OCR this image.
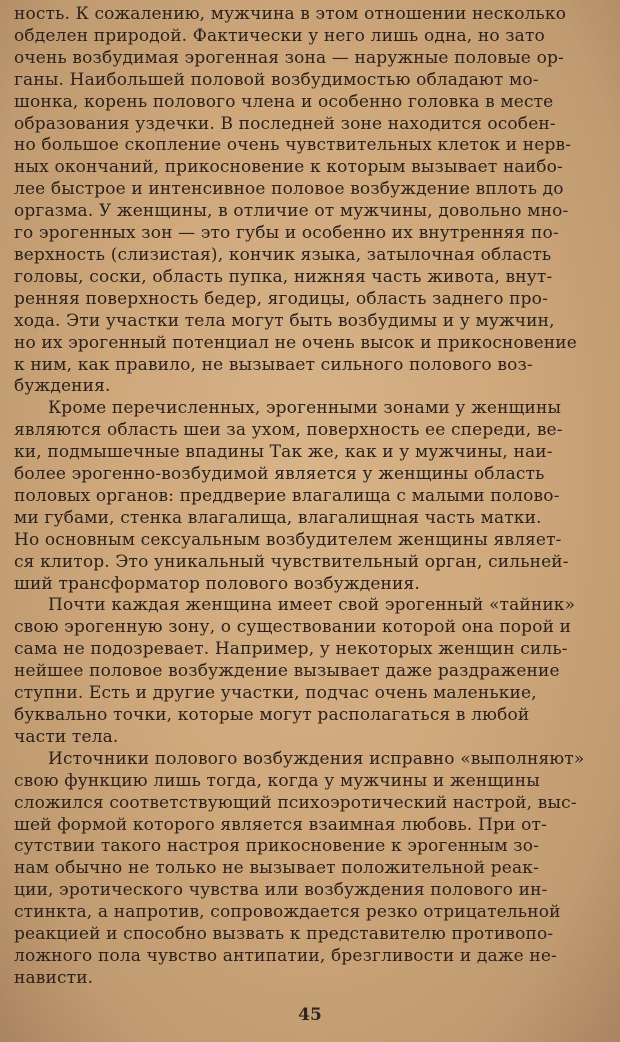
ность. К сожалению, мужчина в этом отношении несколько
обделен природой. Фактически у него лишь одна, но зато
очень возбудимая эрогенная зона — наружные половые ор-
ганы. Наибольшей половой возбудимостью обладают мо-
шонка, корень полового члена и особенно головка в месте
образования уздечки. В последней зоне находится особен-
но большое скопление очень чувствительных клеток и нерв-
ных окончаний, прикосновение к которым вызывает наибо-
лее быстрое и интенсивное половое возбуждение вплоть до
оргазма. У женщины, в отличие от мужчины, довольно мно-
го эрогенных зон — это губы и особенно их внутренняя по-
верхность (слизистая), кончик языка, затылочная область
головы, соски, область пупка, нижняя часть живота, внут-
ренняя поверхность бедер, ягодицы, область заднего про-
хода. Эти участки тела могут быть возбудимы и у мужчин,
но их эрогенный потенциал не очень высок и прикосновение
к ним, как правило, не вызывает сильного полового воз-
буждения.
Кроме перечисленных, эрогенными зонами у женщины
являются область шеи за ухом, поверхность ее спереди, ве-
ки, подмышечные впадины Так же, как и у мужчины, наи-
более эрогенно-возбудимой является у женщины область
половых органов: преддверие влагалища с малыми полово-
ми губами, стенка влагалища, влагалищная часть матки.
Но основным сексуальным возбудителем женщины являет-
ся клитор. Это уникальный чувствительный орган, сильней-
ший трансформатор полового возбуждения.
Почти каждая женщина имеет свой эрогенный «тайник»
свою эрогенную зону, о существовании которой она порой и
сама не подозревает. Например, у некоторых женщин силь-
нейшее половое возбуждение вызывает даже раздражение
ступни. Есть и другие участки, подчас очень маленькие,
буквально точки, которые могут располагаться в любой
части тела.
Источники полового возбуждения исправно «выполняют»
свою функцию лишь тогда, когда у мужчины и женщины
сложился соответствующий психоэротический настрой, выс-
шей формой которого является взаимная любовь. При от-
сутствии такого настроя прикосновение к эрогенным зо-
нам обычно не только не вызывает положительной реак-
ции, эротического чувства или возбуждения полового ин-
стинкта, а напротив, сопровождается резко отрицательной
реакцией и способно вызвать к представителю противопо-
ложного пола чувство антипатии, брезгливости и даже не-
нависти.
45
